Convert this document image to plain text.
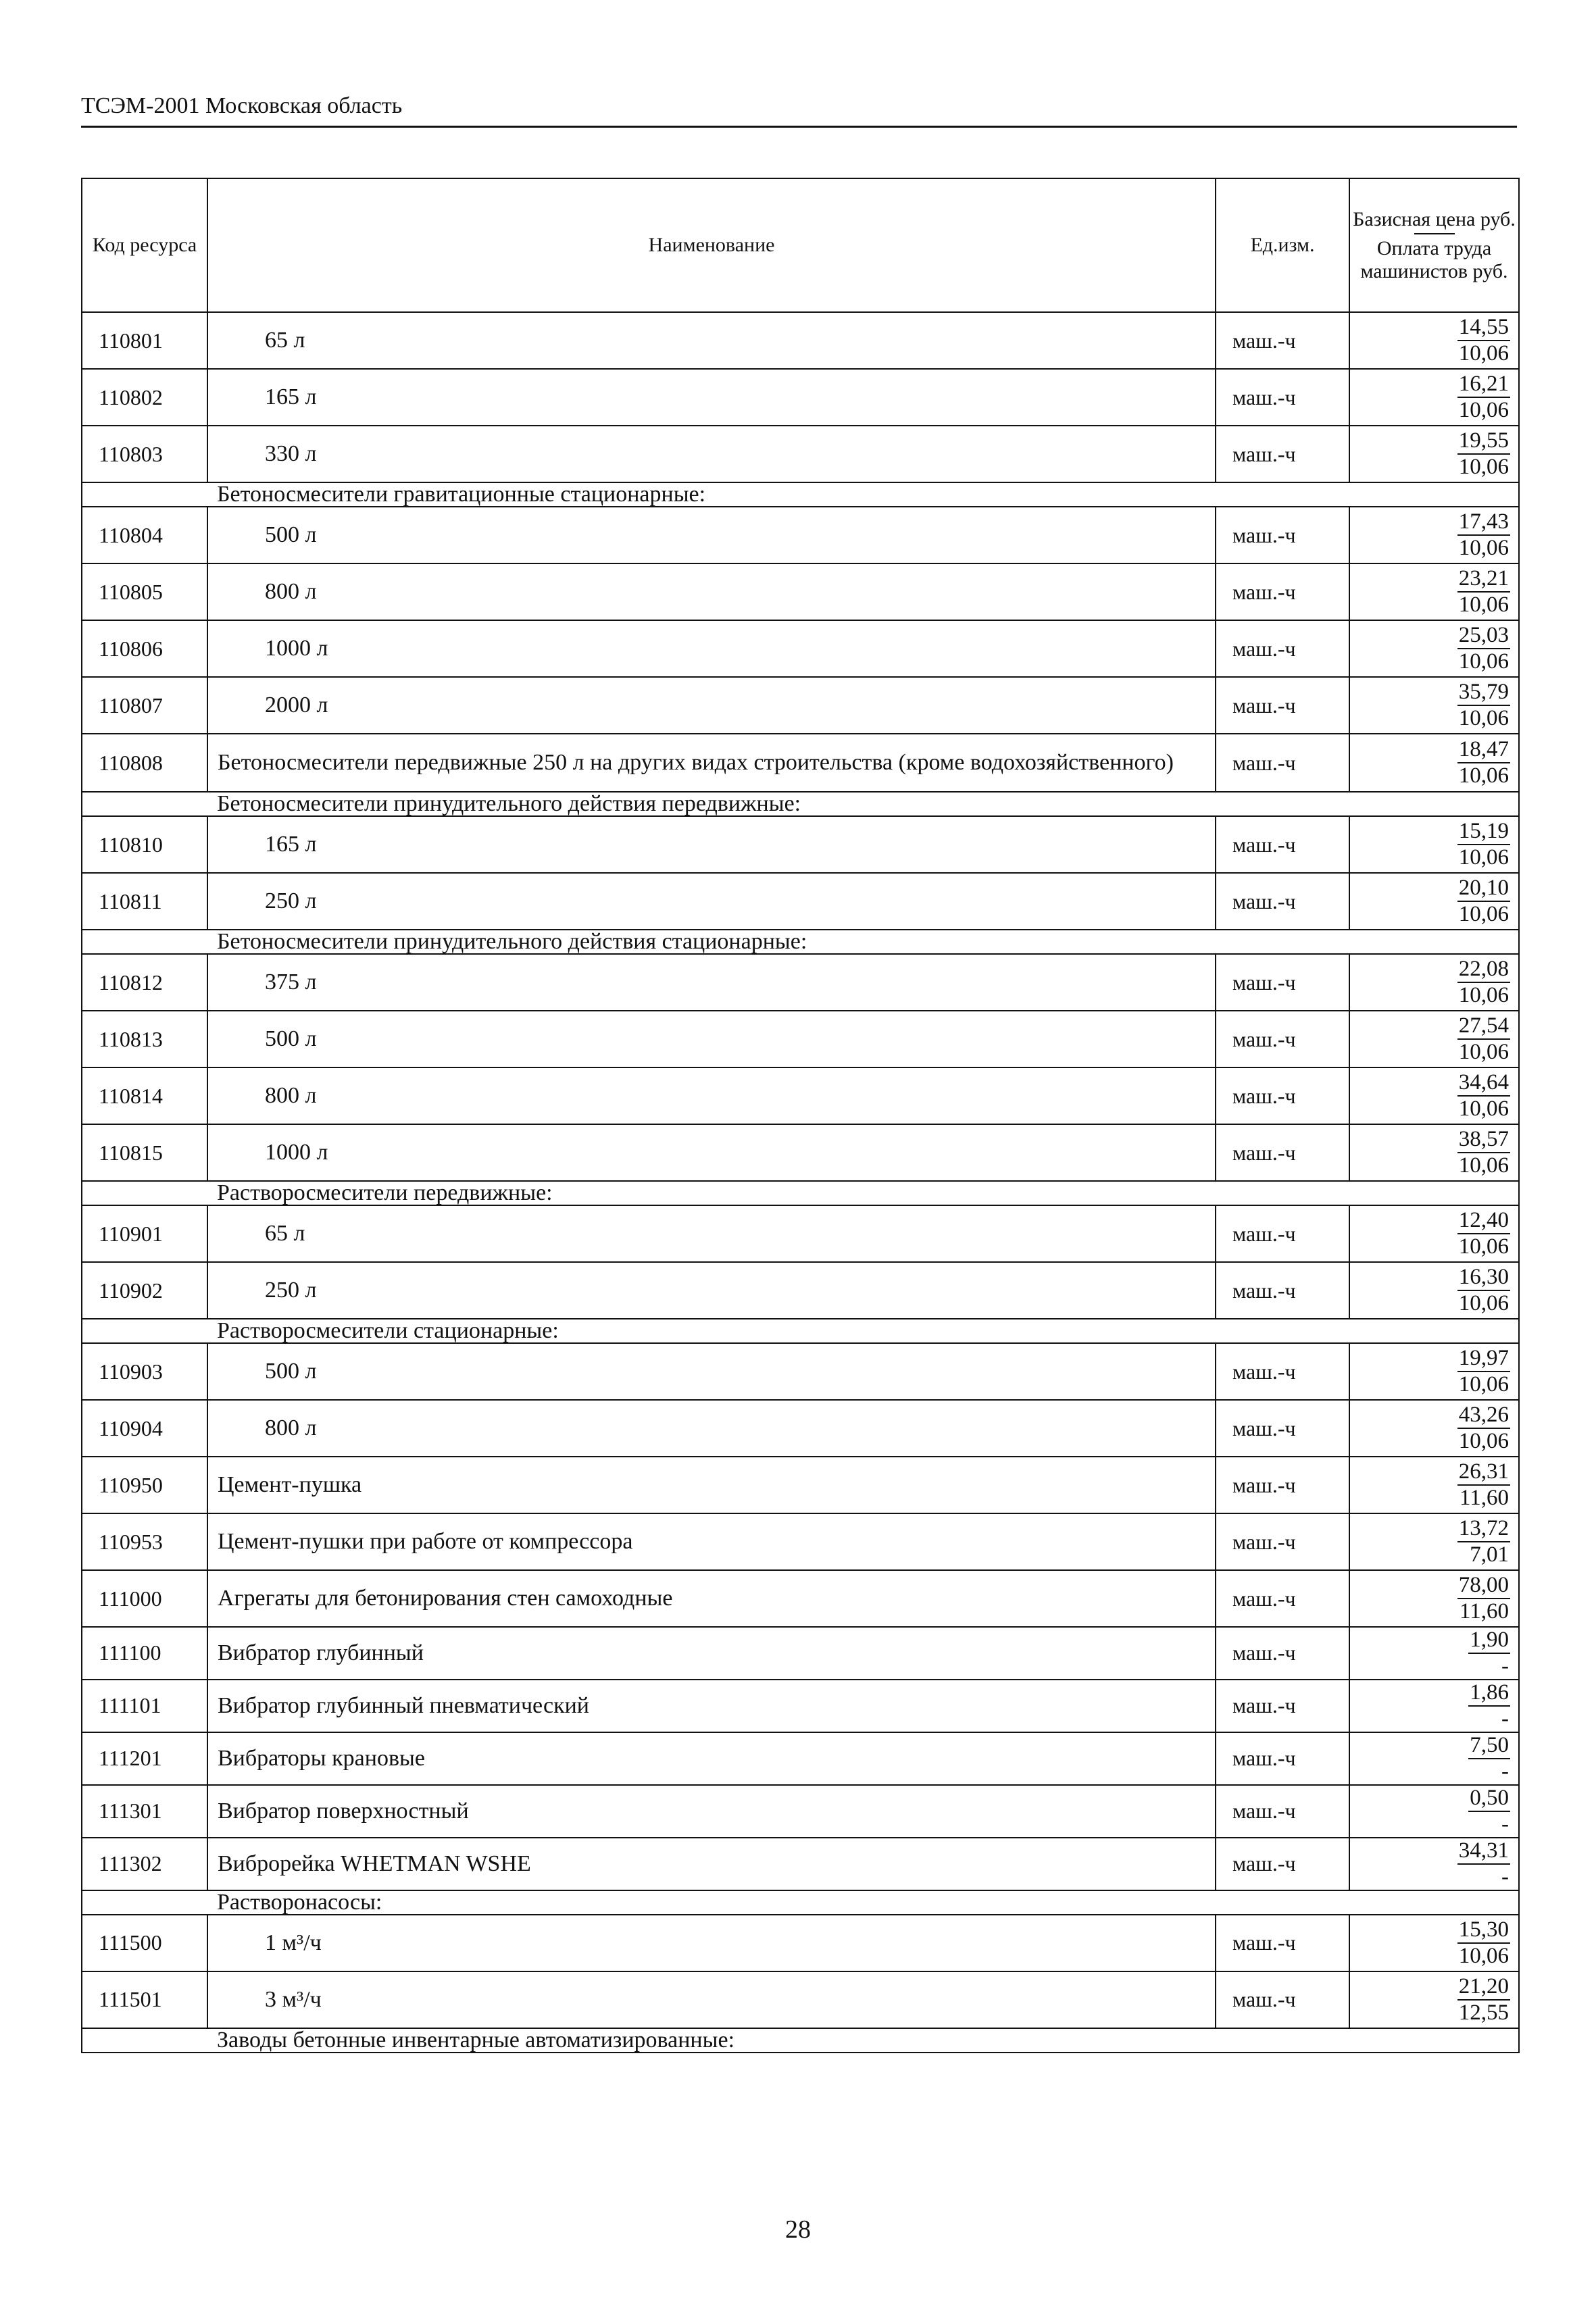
ТСЭМ-2001 Московская область
Код ресурса	Наименование	Ед.изм.	Базисная цена руб.
Оплата труда машинистов руб.
110801	65 л	маш.-ч	$\frac{14,55}{10,06}$

110802	165 л	маш.-ч	$\frac{16,21}{10,06}$

110803	330 л	маш.-ч	$\frac{19,55}{10,06}$

	Бетоносмесители гравитационные стационарные:		
110804	500 л	маш.-ч	$\frac{17,43}{10,06}$

110805	800 л	маш.-ч	$\frac{23,21}{10,06}$

110806	1000 л	маш.-ч	$\frac{25,03}{10,06}$

110807	2000 л	маш.-ч	$\frac{35,79}{10,06}$

110808	Бетоносмесители передвижные 250 л на других видах строительства (кроме водохозяйственного)	маш.-ч	$\frac{18,47}{10,06}$

	Бетоносмесители принудительного действия передвижные:		
110810	165 л	маш.-ч	$\frac{15,19}{10,06}$

110811	250 л	маш.-ч	$\frac{20,10}{10,06}$

	Бетоносмесители принудительного действия стационарные:		
110812	375 л	маш.-ч	$\frac{22,08}{10,06}$

110813	500 л	маш.-ч	$\frac{27,54}{10,06}$

110814	800 л	маш.-ч	$\frac{34,64}{10,06}$

110815	1000 л	маш.-ч	$\frac{38,57}{10,06}$

	Растворосмесители передвижные:		
110901	65 л	маш.-ч	$\frac{12,40}{10,06}$

110902	250 л	маш.-ч	$\frac{16,30}{10,06}$

	Растворосмесители стационарные:		
110903	500 л	маш.-ч	$\frac{19,97}{10,06}$

110904	800 л	маш.-ч	$\frac{43,26}{10,06}$

110950	Цемент-пушка	маш.-ч	$\frac{26,31}{11,60}$

110953	Цемент-пушки при работе от компрессора	маш.-ч	$\frac{13,72}{7,01}$

111000	Агрегаты для бетонирования стен самоходные	маш.-ч	$\frac{78,00}{11,60}$

111100	Вибратор глубинный	маш.-ч	$\frac{1,90}{-}$

111101	Вибратор глубинный пневматический	маш.-ч	$\frac{1,86}{-}$

111201	Вибраторы крановые	маш.-ч	$\frac{7,50}{-}$

111301	Вибратор поверхностный	маш.-ч	$\frac{0,50}{-}$

111302	Виброрейка WHETMAN WSHE	маш.-ч	$\frac{34,31}{-}$

	Растворонасосы:		
111500	1 м³/ч	маш.-ч	$\frac{15,30}{10,06}$

111501	3 м³/ч	маш.-ч	$\frac{21,20}{12,55}$

	Заводы бетонные инвентарные автоматизированные:		
28
